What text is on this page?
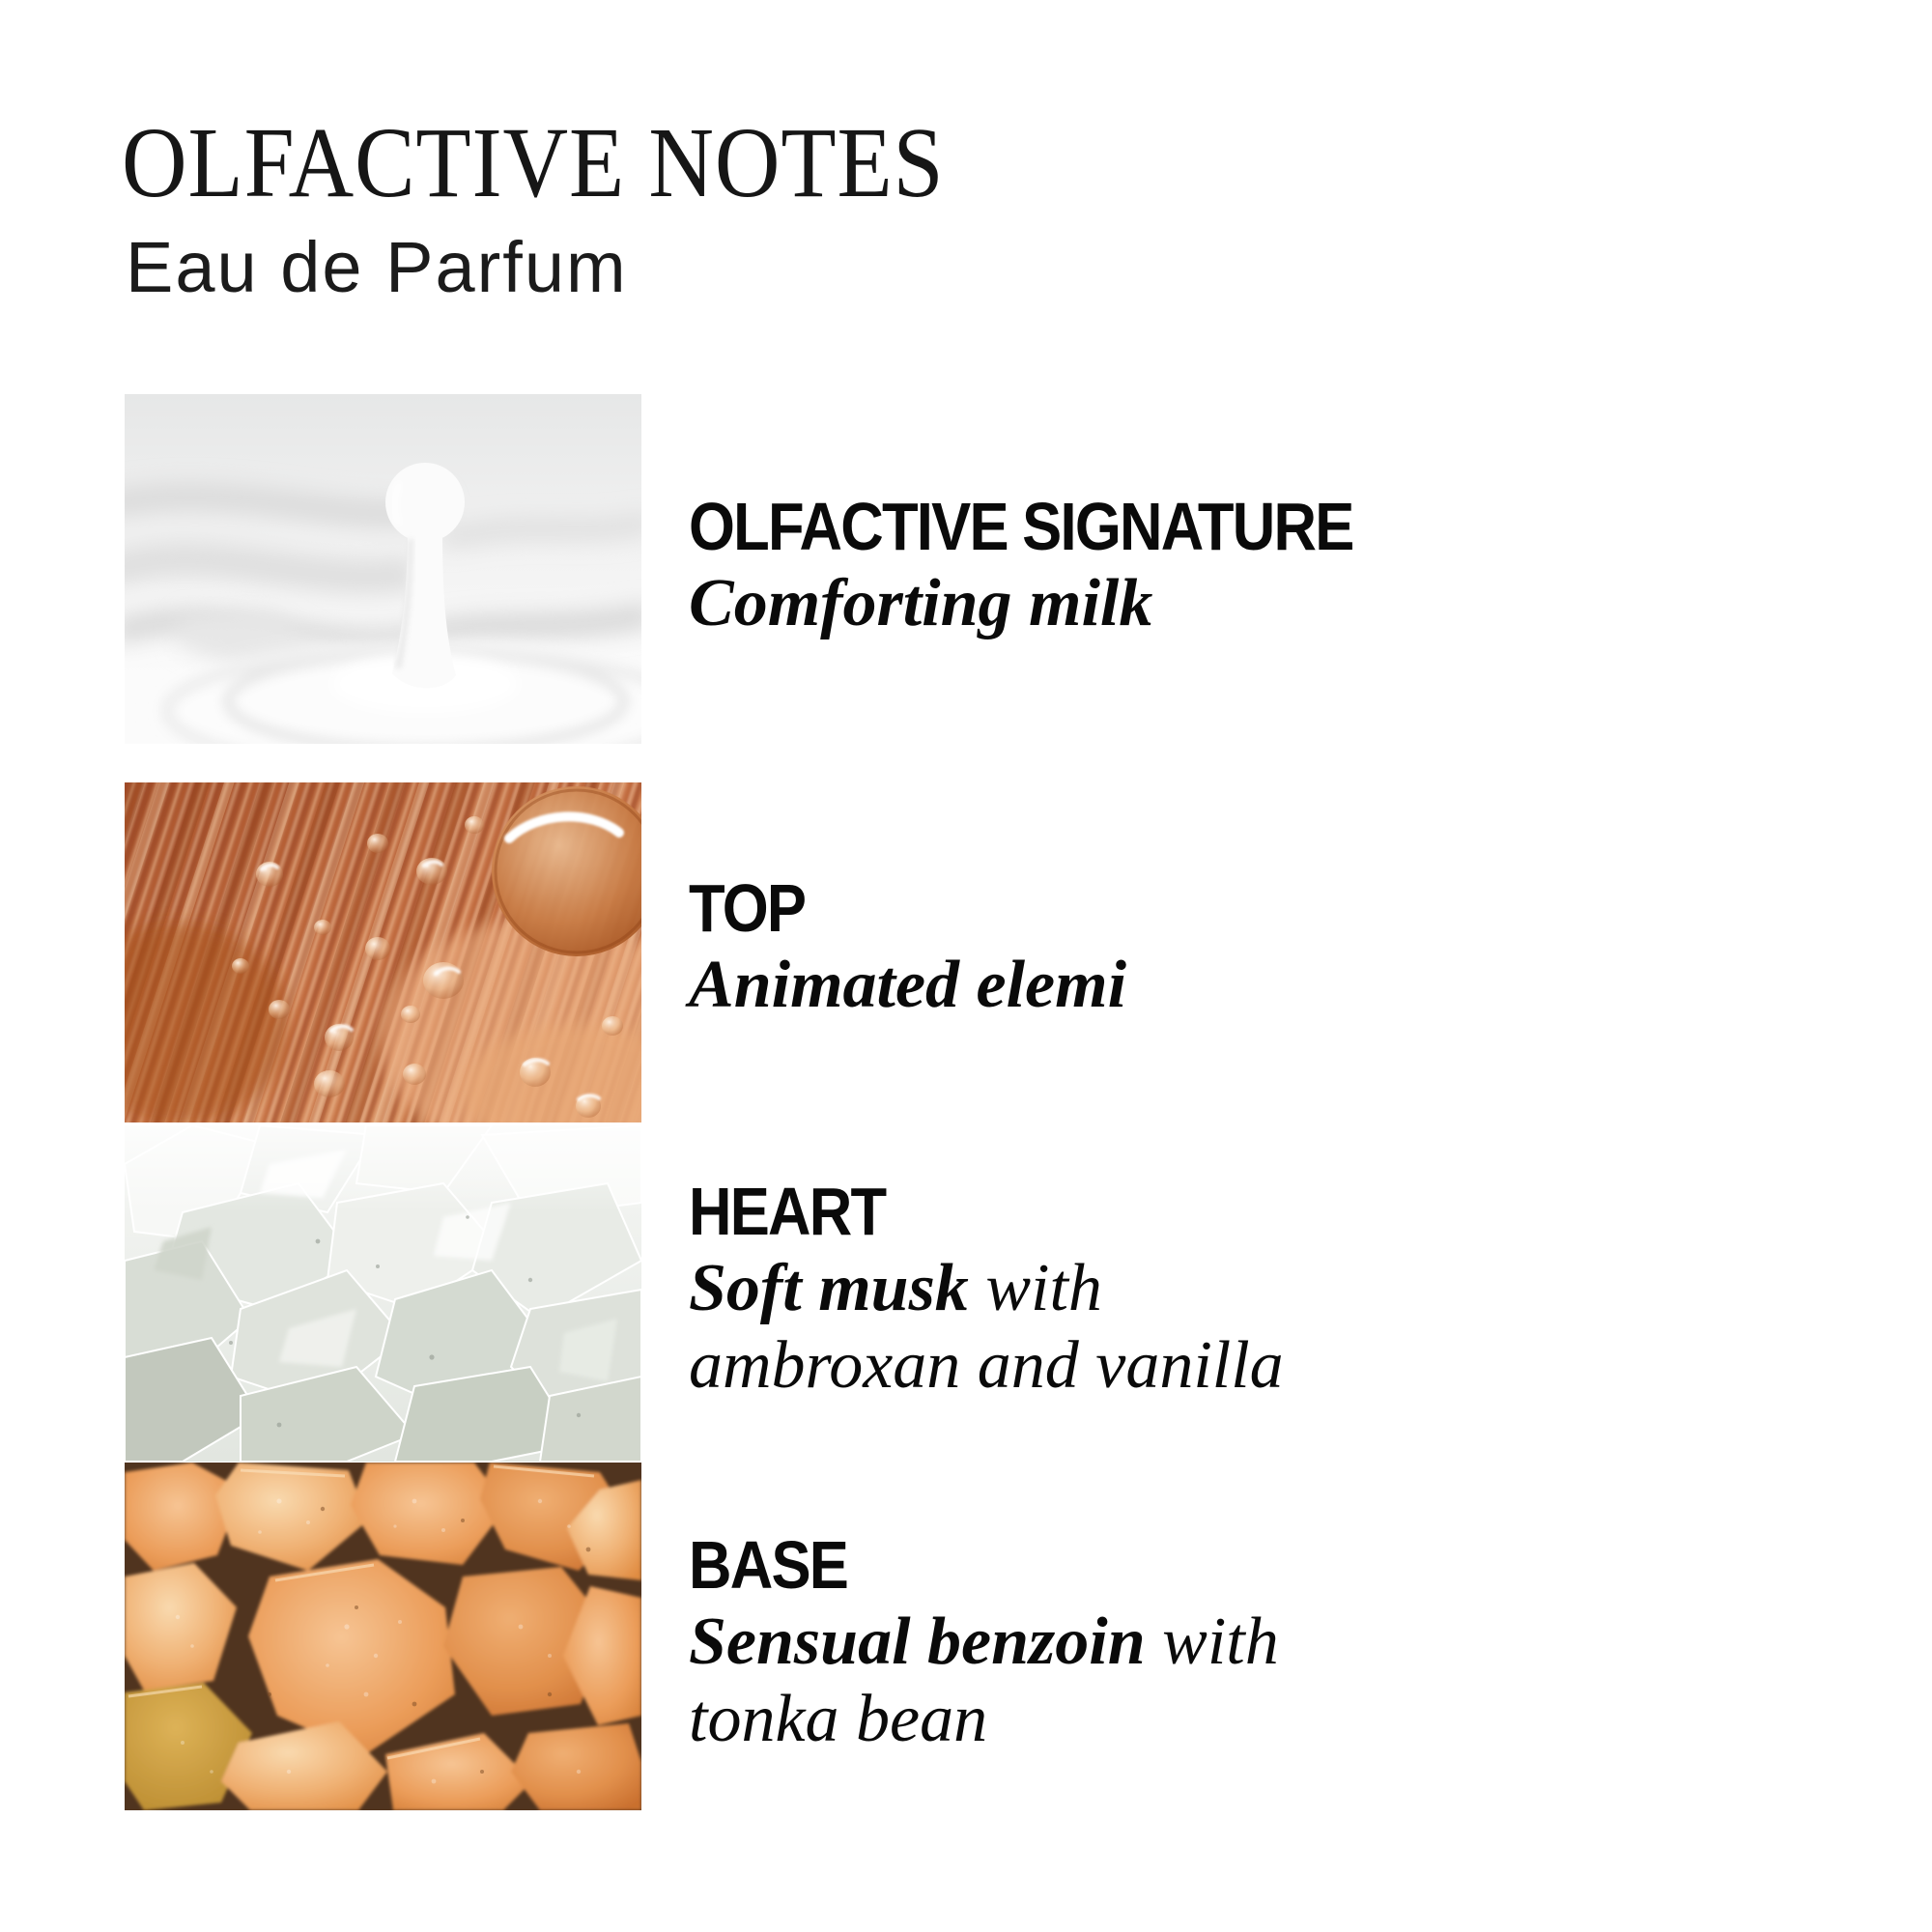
OLFACTIVE NOTES
Eau de Parfum
OLFACTIVE SIGNATURE

Comforting milk

TOP

Animated elemi

HEART

Soft musk with ambroxan and vanilla

BASE

Sensual benzoin with tonka bean
